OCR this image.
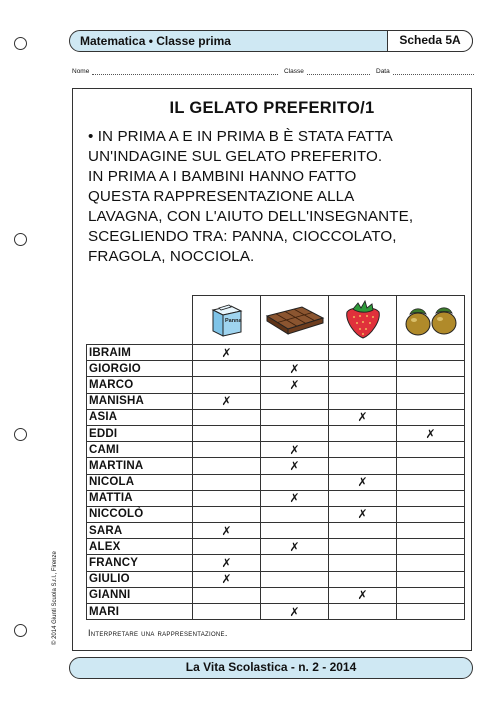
Matematica • Classe prima	Scheda 5A
Nome	Classe	Data
IL GELATO PREFERITO/1

• IN PRIMA A E IN PRIMA B È STATA FATTA

UN'INDAGINE SUL GELATO PREFERITO.

IN PRIMA A I BAMBINI HANNO FATTO

QUESTA RAPPRESENTAZIONE ALLA

LAVAGNA, CON L'AIUTO DELL'INSEGNANTE,

SCEGLIENDO TRA: PANNA, CIOCCOLATO,

FRAGOLA, NOCCIOLA.

Panna

IBRAIM	✗			
GIORGIO		✗		
MARCO		✗		
MANISHA	✗			
ASIA			✗	
EDDI				✗
CAMI		✗		
MARTINA		✗		
NICOLA			✗	
MATTIA		✗		
NICCOLÒ			✗	
SARA	✗			
ALEX		✗		
FRANCY	✗			
GIULIO	✗			
GIANNI			✗	
MARI		✗		
Interpretare una rappresentazione.
© 2014 Giunti Scuola S.r.l., Firenze
La Vita Scolastica - n. 2 - 2014
